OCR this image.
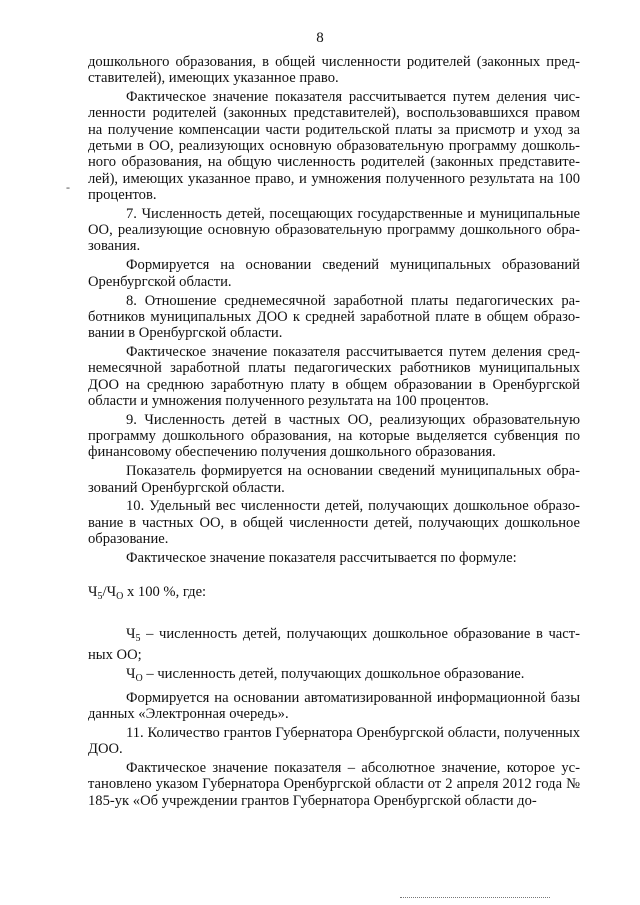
8
-

дошкольного образования, в общей численности родителей (законных представителей), имеющих указанное право.

Фактическое значение показателя рассчитывается путем деления численности родителей (законных представителей), воспользовавшихся правом на получение компенсации части родительской платы за присмотр и уход за детьми в ОО, реализующих основную образовательную программу дошкольного образования, на общую численность родителей (законных представителей), имеющих указанное право, и умножения полученного результата на 100 процентов.

7. Численность детей, посещающих государственные и муниципальные ОО, реализующие основную образовательную программу дошкольного образования.

Формируется на основании сведений муниципальных образований Оренбургской области.

8. Отношение среднемесячной заработной платы педагогических работников муниципальных ДОО к средней заработной плате в общем образовании в Оренбургской области.

Фактическое значение показателя рассчитывается путем деления среднемесячной заработной платы педагогических работников муниципальных ДОО на среднюю заработную плату в общем образовании в Оренбургской области и умножения полученного результата на 100 процентов.

9. Численность детей в частных ОО, реализующих образовательную программу дошкольного образования, на которые выделяется субвенция по финансовому обеспечению получения дошкольного образования.

Показатель формируется на основании сведений муниципальных образований Оренбургской области.

10. Удельный вес численности детей, получающих дошкольное образование в частных ОО, в общей численности детей, получающих дошкольное образование.

Фактическое значение показателя рассчитывается по формуле:

$Ч_5/Ч_О$ х 100 %, где:

$Ч_5$ – численность детей, получающих дошкольное образование в частных ОО;

$Ч_О$ – численность детей, получающих дошкольное образование.

Формируется на основании автоматизированной информационной базы данных «Электронная очередь».

11. Количество грантов Губернатора Оренбургской области, полученных ДОО.

Фактическое значение показателя – абсолютное значение, которое установлено указом Губернатора Оренбургской области от 2 апреля 2012 года № 185-ук «Об учреждении грантов Губернатора Оренбургской области до-
